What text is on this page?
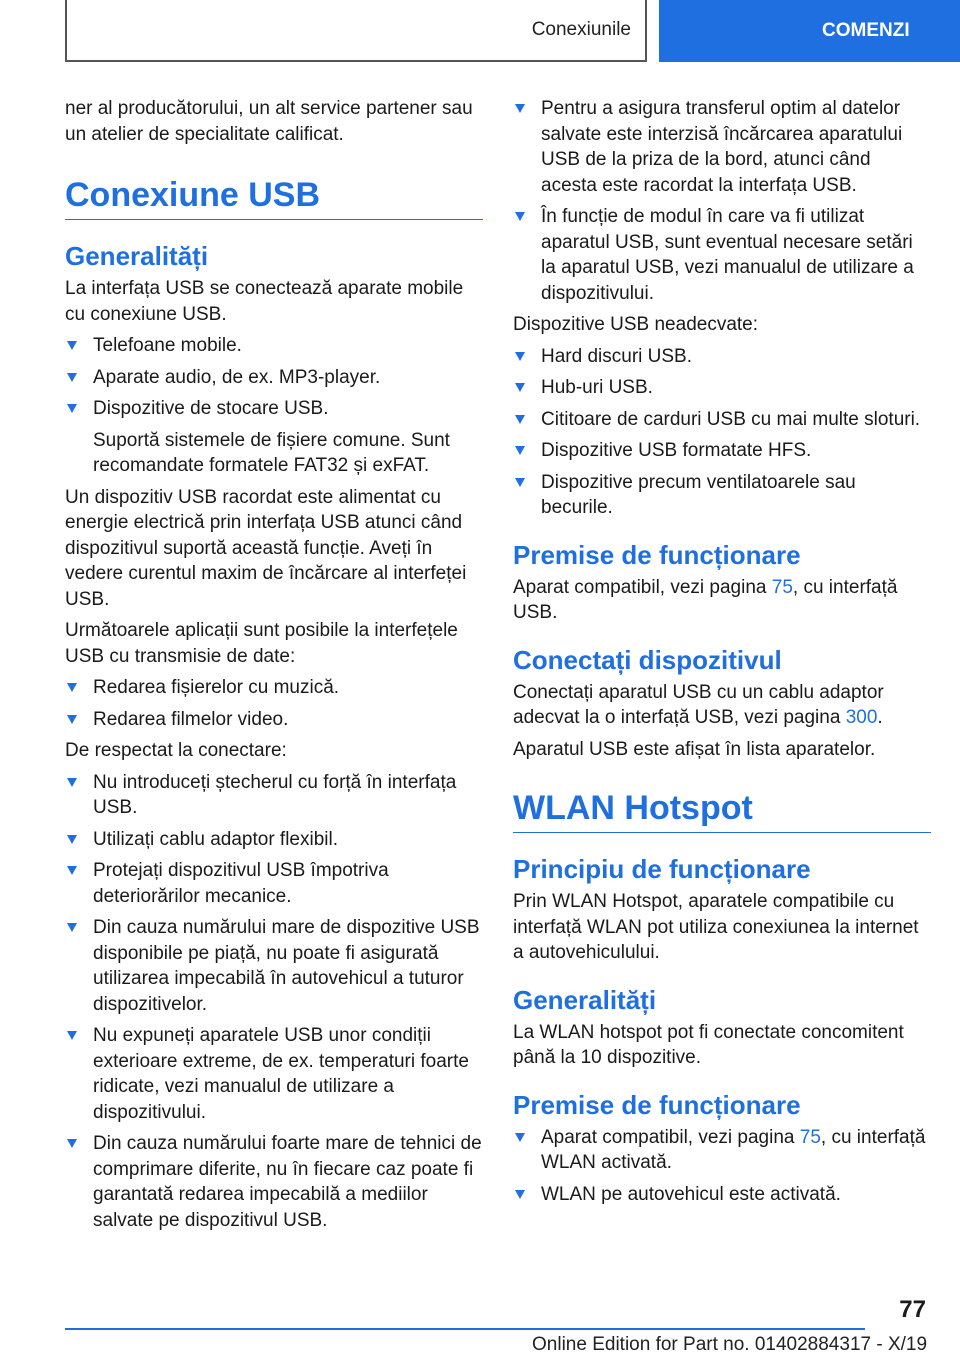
Conexiunile	COMENZI

ner al producătorului, un alt service partener sau un atelier de specialitate calificat.

Conexiune USB
Generalități

La interfața USB se conectează aparate mobile cu conexiune USB.

Telefoane mobile.
Aparate audio, de ex. MP3-player.
Dispozitive de stocare USB.

Suportă sistemele de fișiere comune. Sunt recomandate formatele FAT32 și exFAT.

Un dispozitiv USB racordat este alimentat cu energie electrică prin interfața USB atunci când dispozitivul suportă această funcție. Aveți în vedere curentul maxim de încărcare al interfeței USB.

Următoarele aplicații sunt posibile la interfețele USB cu transmisie de date:

Redarea fișierelor cu muzică.
Redarea filmelor video.

De respectat la conectare:

Nu introduceți ștecherul cu forță în interfața USB.
Utilizați cablu adaptor flexibil.
Protejați dispozitivul USB împotriva deteriorărilor mecanice.
Din cauza numărului mare de dispozitive USB disponibile pe piață, nu poate fi asigurată utilizarea impecabilă în autovehicul a tuturor dispozitivelor.
Nu expuneți aparatele USB unor condiții exterioare extreme, de ex. temperaturi foarte ridicate, vezi manualul de utilizare a dispozitivului.
Din cauza numărului foarte mare de tehnici de comprimare diferite, nu în fiecare caz poate fi garantată redarea impecabilă a mediilor salvate pe dispozitivul USB.
Pentru a asigura transferul optim al datelor salvate este interzisă încărcarea aparatului USB de la priza de la bord, atunci când acesta este racordat la interfața USB.
În funcție de modul în care va fi utilizat aparatul USB, sunt eventual necesare setări la aparatul USB, vezi manualul de utilizare a dispozitivului.

Dispozitive USB neadecvate:

Hard discuri USB.
Hub-uri USB.
Cititoare de carduri USB cu mai multe sloturi.
Dispozitive USB formatate HFS.
Dispozitive precum ventilatoarele sau becurile.
Premise de funcționare

Aparat compatibil, vezi pagina 75, cu interfață USB.

Conectați dispozitivul

Conectați aparatul USB cu un cablu adaptor adecvat la o interfață USB, vezi pagina 300.

Aparatul USB este afișat în lista aparatelor.

WLAN Hotspot
Principiu de funcționare

Prin WLAN Hotspot, aparatele compatibile cu interfață WLAN pot utiliza conexiunea la internet a autovehiculului.

Generalități

La WLAN hotspot pot fi conectate concomitent până la 10 dispozitive.

Premise de funcționare
Aparat compatibil, vezi pagina 75, cu interfață WLAN activată.
WLAN pe autovehicul este activată.
77
Online Edition for Part no. 01402884317 - X/19
